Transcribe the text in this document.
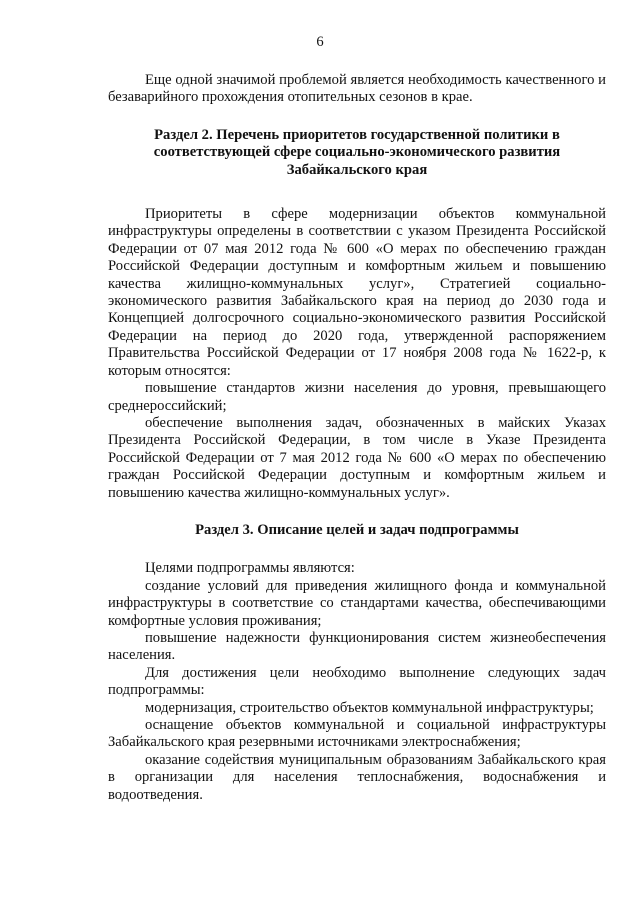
6

Еще одной значимой проблемой является необходимость качественного и безаварийного прохождения отопительных сезонов в крае.

Раздел 2. Перечень приоритетов государственной политики в соответствующей сфере социально-экономического развития Забайкальского края

Приоритеты в сфере модернизации объектов коммунальной инфраструктуры определены в соответствии с указом Президента Российской Федерации от 07 мая 2012 года № 600 «О мерах по обеспечению граждан Российской Федерации доступным и комфортным жильем и повышению качества жилищно-коммунальных услуг», Стратегией социально-экономического развития Забайкальского края на период до 2030 года и Концепцией долгосрочного социально-экономического развития Российской Федерации на период до 2020 года, утвержденной распоряжением Правительства Российской Федерации от 17 ноября 2008 года № 1622-р, к которым относятся:

повышение стандартов жизни населения до уровня, превышающего среднероссийский;

обеспечение выполнения задач, обозначенных в майских Указах Президента Российской Федерации, в том числе в Указе Президента Российской Федерации от 7 мая 2012 года № 600 «О мерах по обеспечению граждан Российской Федерации доступным и комфортным жильем и повышению качества жилищно-коммунальных услуг».

Раздел 3. Описание целей и задач подпрограммы

Целями подпрограммы являются:

создание условий для приведения жилищного фонда и коммунальной инфраструктуры в соответствие со стандартами качества, обеспечивающими комфортные условия проживания;

повышение надежности функционирования систем жизнеобеспечения населения.

Для достижения цели необходимо выполнение следующих задач подпрограммы:

модернизация, строительство объектов коммунальной инфраструктуры;

оснащение объектов коммунальной и социальной инфраструктуры Забайкальского края резервными источниками электроснабжения;

оказание содействия муниципальным образованиям Забайкальского края в организации для населения теплоснабжения, водоснабжения и водоотведения.
